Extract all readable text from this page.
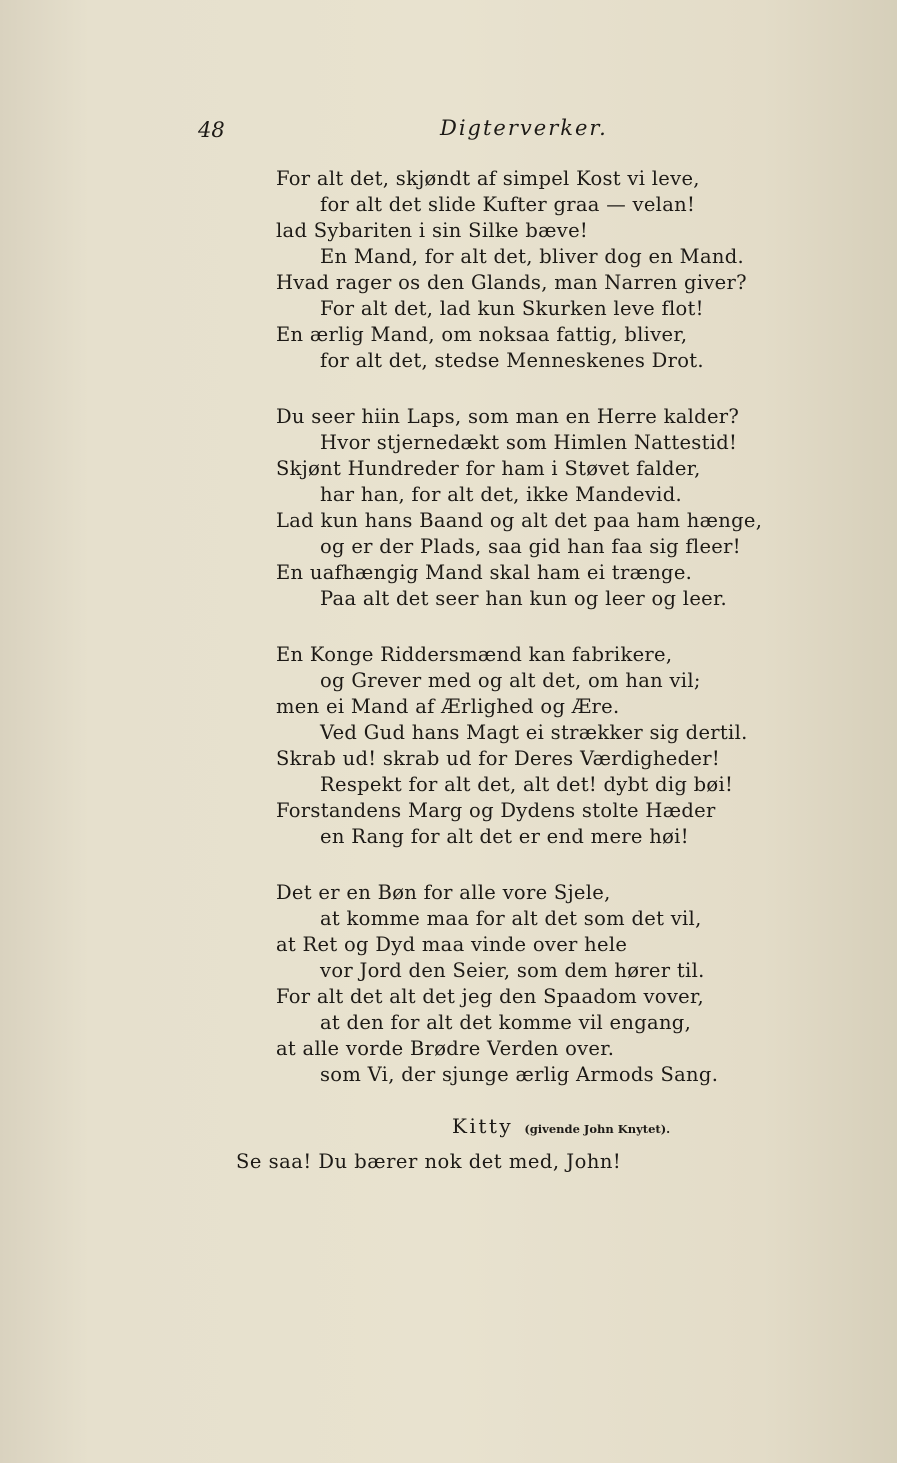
48	Digterverker.
For alt det, skjøndt af simpel Kost vi leve,
for alt det slide Kufter graa — velan!
lad Sybariten i sin Silke bæve!
En Mand, for alt det, bliver dog en Mand.
Hvad rager os den Glands, man Narren giver?
For alt det, lad kun Skurken leve flot!
En ærlig Mand, om noksaa fattig, bliver,
for alt det, stedse Menneskenes Drot.
Du seer hiin Laps, som man en Herre kalder?
Hvor stjernedækt som Himlen Nattestid!
Skjønt Hundreder for ham i Støvet falder,
har han, for alt det, ikke Mandevid.
Lad kun hans Baand og alt det paa ham hænge,
og er der Plads, saa gid han faa sig fleer!
En uafhængig Mand skal ham ei trænge.
Paa alt det seer han kun og leer og leer.
En Konge Riddersmænd kan fabrikere,
og Grever med og alt det, om han vil;
men ei Mand af Ærlighed og Ære.
Ved Gud hans Magt ei strækker sig dertil.
Skrab ud! skrab ud for Deres Værdigheder!
Respekt for alt det, alt det! dybt dig bøi!
Forstandens Marg og Dydens stolte Hæder
en Rang for alt det er end mere høi!
Det er en Bøn for alle vore Sjele,
at komme maa for alt det som det vil,
at Ret og Dyd maa vinde over hele
vor Jord den Seier, som dem hører til.
For alt det alt det jeg den Spaadom vover,
at den for alt det komme vil engang,
at alle vorde Brødre Verden over.
som Vi, der sjunge ærlig Armods Sang.
Kitty (givende John Knytet).
Se saa! Du bærer nok det med, John!
